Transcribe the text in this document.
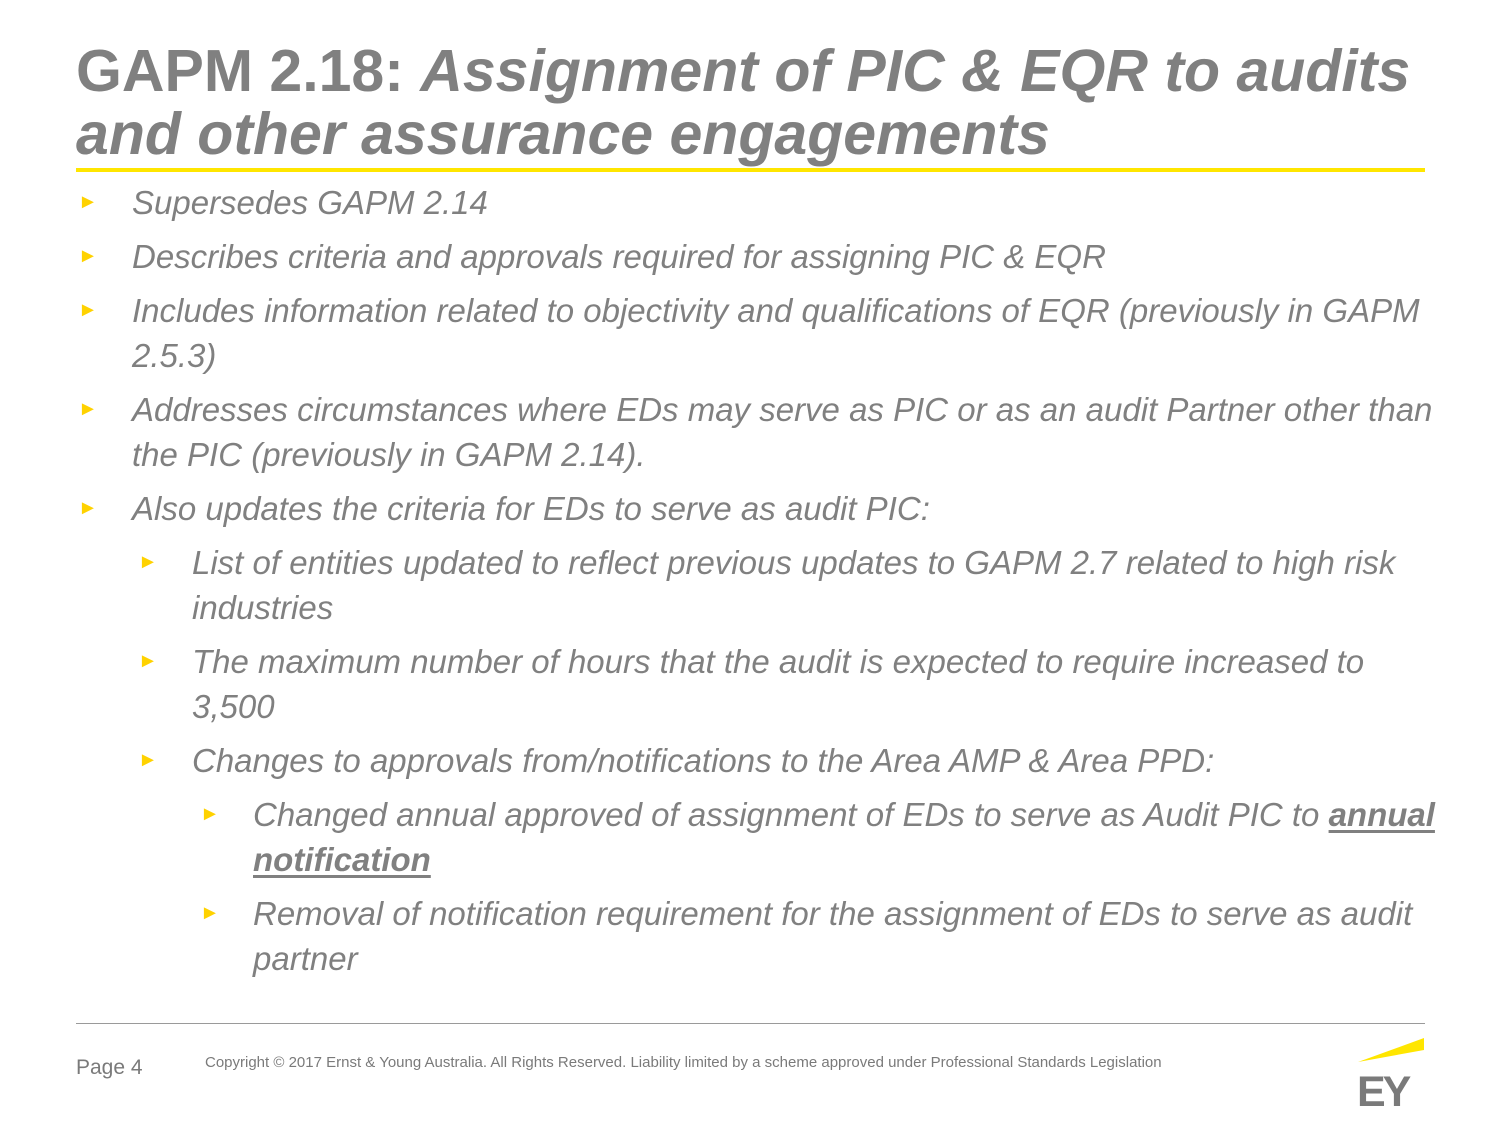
GAPM 2.18: Assignment of PIC & EQR to audits and other assurance engagements
► Supersedes GAPM 2.14
► Describes criteria and approvals required for assigning PIC & EQR
► Includes information related to objectivity and qualifications of EQR (previously in GAPM 2.5.3)
► Addresses circumstances where EDs may serve as PIC or as an audit Partner other than the PIC (previously in GAPM 2.14).
► Also updates the criteria for EDs to serve as audit PIC:
► List of entities updated to reflect previous updates to GAPM 2.7 related to high risk industries
► The maximum number of hours that the audit is expected to require increased to 3,500
► Changes to approvals from/notifications to the Area AMP & Area PPD:
► Changed annual approved of assignment of EDs to serve as Audit PIC to annual notification
► Removal of notification requirement for the assignment of EDs to serve as audit partner
Page 4	Copyright © 2017 Ernst & Young Australia. All Rights Reserved. Liability limited by a scheme approved under Professional Standards Legislation
EY
